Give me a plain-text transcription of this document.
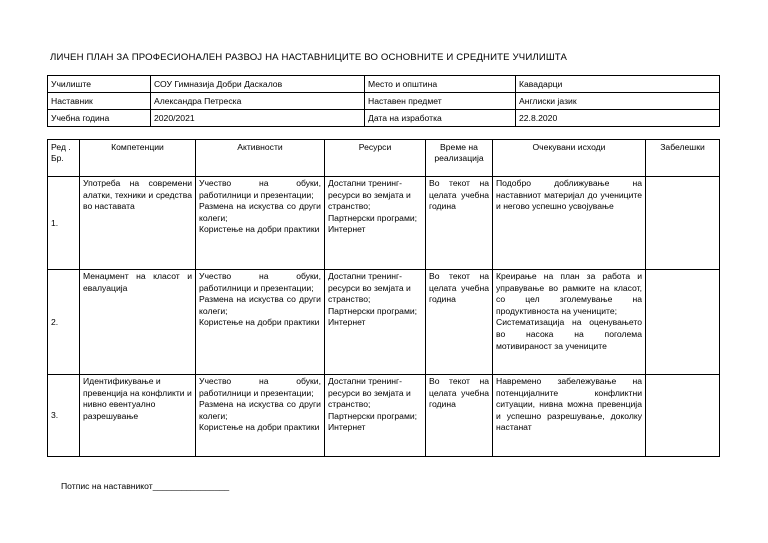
ЛИЧЕН ПЛАН ЗА ПРОФЕСИОНАЛЕН РАЗВОЈ НА НАСТАВНИЦИТЕ ВО ОСНОВНИТЕ И СРЕДНИТЕ УЧИЛИШТА
Училиште	СОУ Гимназија Добри Даскалов	Место и општина	Кавадарци
Наставник	Александра Петреска	Наставен предмет	Англиски јазик
Учебна година	2020/2021	Дата на изработка	22.8.2020
Ред . Бр.	Компетенции	Активности	Ресурси	Време на реализација	Очекувани исходи	Забелешки
1.	Употреба на современи алатки, техники и средства во наставата	Учество на обуки, работилници и презентации;
Размена на искуства со други колеги;
Користење на добри практики	Достапни тренинг-ресурси во земјата и странство;
Партнерски програми;
Интернет	Во текот на целата учебна година	Подобро доближување на наставниот материјал до учениците и негово успешно усвојување	

2.	Менаџмент на класот и евалуација	Учество на обуки, работилници и презентации;
Размена на искуства со други колеги;
Користење на добри практики	Достапни тренинг-ресурси во земјата и странство;
Партнерски програми;
Интернет	Во текот на целата учебна година	Креирање на план за работа и управување во рамките на класот, со цел зголемување на продуктивноста на учениците;
Систематизација на оценувањето во насока на поголема мотивираност за учениците	

3.	Идентификување и превенција на конфликти и нивно евентуално разрешување	Учество на обуки, работилници и презентации;
Размена на искуства со други колеги;
Користење на добри практики	Достапни тренинг-ресурси во земјата и странство;
Партнерски програми;
Интернет	Во текот на целата учебна година	Навремено забележување на потенцијалните конфликтни ситуации, нивна можна превенција и успешно разрешување, доколку настанат	

Потпис на наставникот________________
